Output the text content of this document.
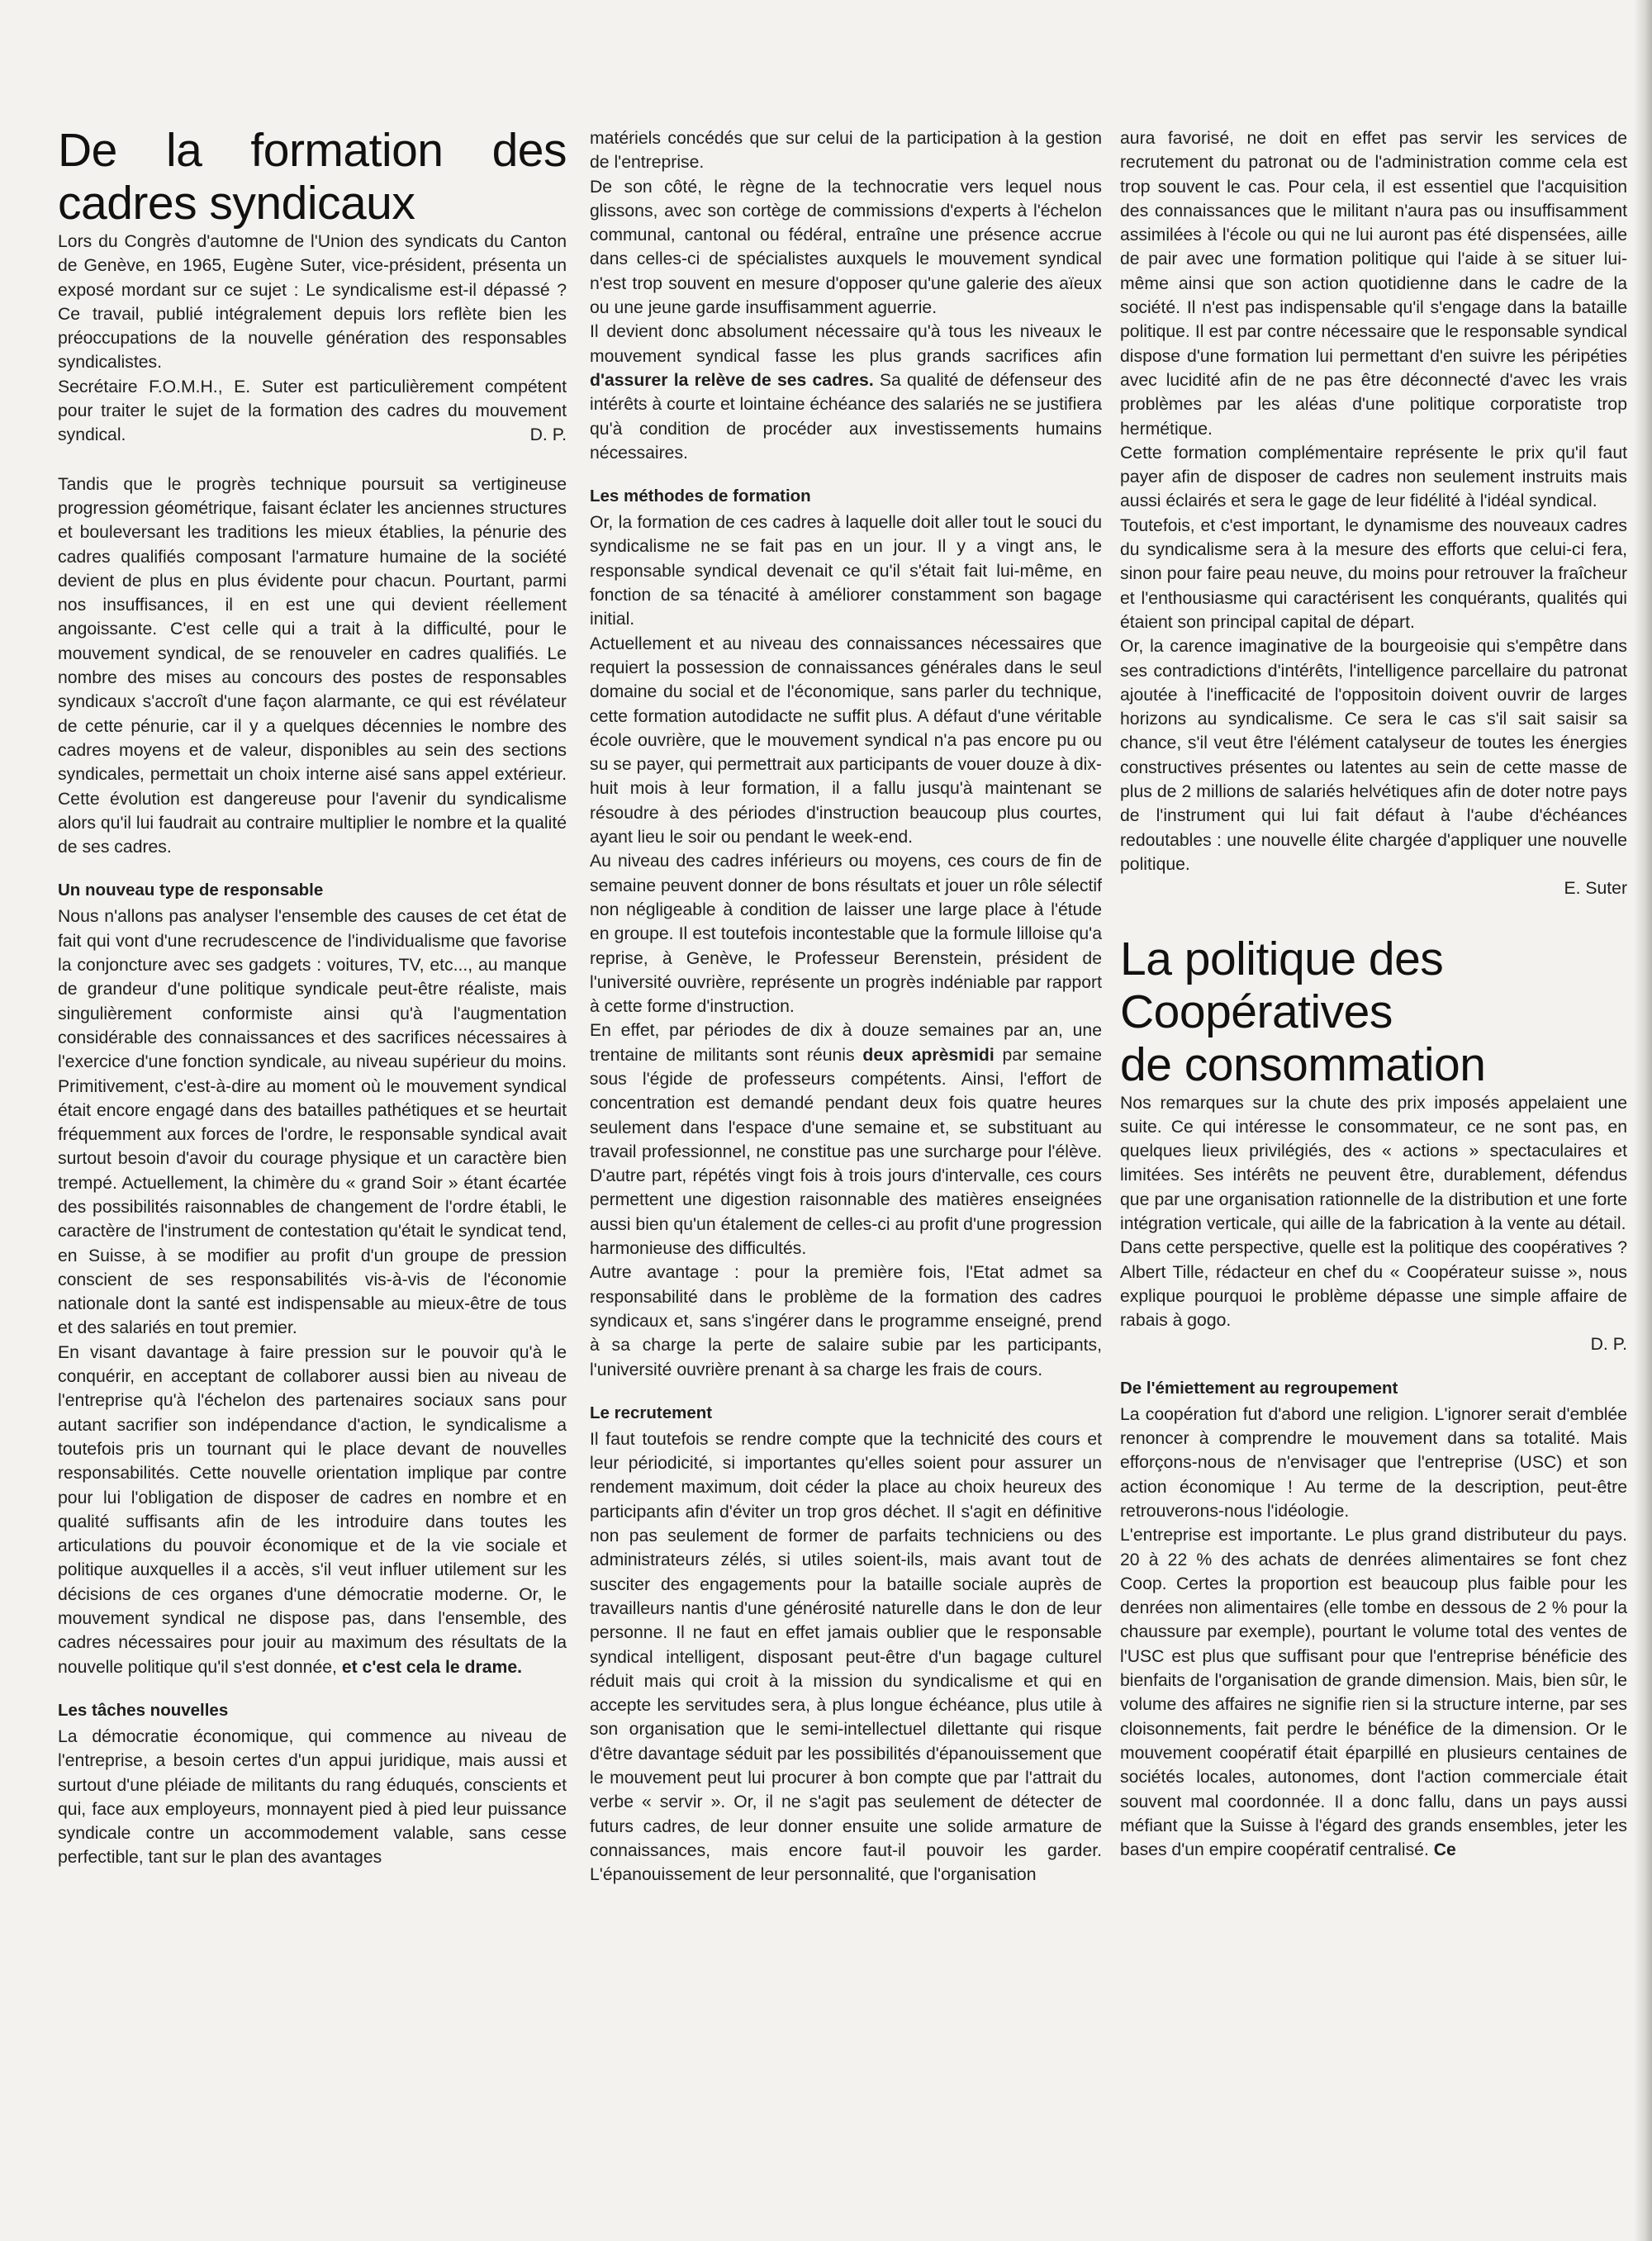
De la formation des cadres syndicaux

Lors du Congrès d'automne de l'Union des syndicats du Canton de Genève, en 1965, Eugène Suter, vice-président, présenta un exposé mordant sur ce sujet : Le syndicalisme est-il dépassé ? Ce travail, publié intégralement depuis lors reflète bien les préoccupations de la nouvelle génération des responsables syndicalistes.

Secrétaire F.O.M.H., E. Suter est particulièrement compétent pour traiter le sujet de la formation des cadres du mouvement syndical.	D. P.

Tandis que le progrès technique poursuit sa vertigineuse progression géométrique, faisant éclater les anciennes structures et bouleversant les traditions les mieux établies, la pénurie des cadres qualifiés composant l'armature humaine de la société devient de plus en plus évidente pour chacun. Pourtant, parmi nos insuffisances, il en est une qui devient réellement angoissante. C'est celle qui a trait à la difficulté, pour le mouvement syndical, de se renouveler en cadres qualifiés. Le nombre des mises au concours des postes de responsables syndicaux s'accroît d'une façon alarmante, ce qui est révélateur de cette pénurie, car il y a quelques décennies le nombre des cadres moyens et de valeur, disponibles au sein des sections syndicales, permettait un choix interne aisé sans appel extérieur. Cette évolution est dangereuse pour l'avenir du syndicalisme alors qu'il lui faudrait au contraire multiplier le nombre et la qualité de ses cadres.

Un nouveau type de responsable

Nous n'allons pas analyser l'ensemble des causes de cet état de fait qui vont d'une recrudescence de l'individualisme que favorise la conjoncture avec ses gadgets : voitures, TV, etc..., au manque de grandeur d'une politique syndicale peut-être réaliste, mais singulièrement conformiste ainsi qu'à l'augmentation considérable des connaissances et des sacrifices nécessaires à l'exercice d'une fonction syndicale, au niveau supérieur du moins. Primitivement, c'est-à-dire au moment où le mouvement syndical était encore engagé dans des batailles pathétiques et se heurtait fréquemment aux forces de l'ordre, le responsable syndical avait surtout besoin d'avoir du courage physique et un caractère bien trempé. Actuellement, la chimère du « grand Soir » étant écartée des possibilités raisonnables de changement de l'ordre établi, le caractère de l'instrument de contestation qu'était le syndicat tend, en Suisse, à se modifier au profit d'un groupe de pression conscient de ses responsabilités vis-à-vis de l'économie nationale dont la santé est indispensable au mieux-être de tous et des salariés en tout premier.

En visant davantage à faire pression sur le pouvoir qu'à le conquérir, en acceptant de collaborer aussi bien au niveau de l'entreprise qu'à l'échelon des partenaires sociaux sans pour autant sacrifier son indépendance d'action, le syndicalisme a toutefois pris un tournant qui le place devant de nouvelles responsabilités. Cette nouvelle orientation implique par contre pour lui l'obligation de disposer de cadres en nombre et en qualité suffisants afin de les introduire dans toutes les articulations du pouvoir économique et de la vie sociale et politique auxquelles il a accès, s'il veut influer utilement sur les décisions de ces organes d'une démocratie moderne. Or, le mouvement syndical ne dispose pas, dans l'ensemble, des cadres nécessaires pour jouir au maximum des résultats de la nouvelle politique qu'il s'est donnée, et c'est cela le drame.

Les tâches nouvelles

La démocratie économique, qui commence au niveau de l'entreprise, a besoin certes d'un appui juridique, mais aussi et surtout d'une pléiade de militants du rang éduqués, conscients et qui, face aux employeurs, monnayent pied à pied leur puissance syndicale contre un accommodement valable, sans cesse perfectible, tant sur le plan des avantages

matériels concédés que sur celui de la participation à la gestion de l'entreprise.

De son côté, le règne de la technocratie vers lequel nous glissons, avec son cortège de commissions d'experts à l'échelon communal, cantonal ou fédéral, entraîne une présence accrue dans celles-ci de spécialistes auxquels le mouvement syndical n'est trop souvent en mesure d'opposer qu'une galerie des aïeux ou une jeune garde insuffisamment aguerrie.

Il devient donc absolument nécessaire qu'à tous les niveaux le mouvement syndical fasse les plus grands sacrifices afin d'assurer la relève de ses cadres. Sa qualité de défenseur des intérêts à courte et lointaine échéance des salariés ne se justifiera qu'à condition de procéder aux investissements humains nécessaires.

Les méthodes de formation

Or, la formation de ces cadres à laquelle doit aller tout le souci du syndicalisme ne se fait pas en un jour. Il y a vingt ans, le responsable syndical devenait ce qu'il s'était fait lui-même, en fonction de sa ténacité à améliorer constamment son bagage initial.

Actuellement et au niveau des connaissances nécessaires que requiert la possession de connaissances générales dans le seul domaine du social et de l'économique, sans parler du technique, cette formation autodidacte ne suffit plus. A défaut d'une véritable école ouvrière, que le mouvement syndical n'a pas encore pu ou su se payer, qui permettrait aux participants de vouer douze à dix-huit mois à leur formation, il a fallu jusqu'à maintenant se résoudre à des périodes d'instruction beaucoup plus courtes, ayant lieu le soir ou pendant le week-end.

Au niveau des cadres inférieurs ou moyens, ces cours de fin de semaine peuvent donner de bons résultats et jouer un rôle sélectif non négligeable à condition de laisser une large place à l'étude en groupe. Il est toutefois incontestable que la formule lilloise qu'a reprise, à Genève, le Professeur Berenstein, président de l'université ouvrière, représente un progrès indéniable par rapport à cette forme d'instruction.

En effet, par périodes de dix à douze semaines par an, une trentaine de militants sont réunis deux aprèsmidi par semaine sous l'égide de professeurs compétents. Ainsi, l'effort de concentration est demandé pendant deux fois quatre heures seulement dans l'espace d'une semaine et, se substituant au travail professionnel, ne constitue pas une surcharge pour l'élève. D'autre part, répétés vingt fois à trois jours d'intervalle, ces cours permettent une digestion raisonnable des matières enseignées aussi bien qu'un étalement de celles-ci au profit d'une progression harmonieuse des difficultés.

Autre avantage : pour la première fois, l'Etat admet sa responsabilité dans le problème de la formation des cadres syndicaux et, sans s'ingérer dans le programme enseigné, prend à sa charge la perte de salaire subie par les participants, l'université ouvrière prenant à sa charge les frais de cours.

Le recrutement

Il faut toutefois se rendre compte que la technicité des cours et leur périodicité, si importantes qu'elles soient pour assurer un rendement maximum, doit céder la place au choix heureux des participants afin d'éviter un trop gros déchet. Il s'agit en définitive non pas seulement de former de parfaits techniciens ou des administrateurs zélés, si utiles soient-ils, mais avant tout de susciter des engagements pour la bataille sociale auprès de travailleurs nantis d'une générosité naturelle dans le don de leur personne. Il ne faut en effet jamais oublier que le responsable syndical intelligent, disposant peut-être d'un bagage culturel réduit mais qui croit à la mission du syndicalisme et qui en accepte les servitudes sera, à plus longue échéance, plus utile à son organisation que le semi-intellectuel dilettante qui risque d'être davantage séduit par les possibilités d'épanouissement que le mouvement peut lui procurer à bon compte que par l'attrait du verbe « servir ». Or, il ne s'agit pas seulement de détecter de futurs cadres, de leur donner ensuite une solide armature de connaissances, mais encore faut-il pouvoir les garder. L'épanouissement de leur personnalité, que l'organisation

aura favorisé, ne doit en effet pas servir les services de recrutement du patronat ou de l'administration comme cela est trop souvent le cas. Pour cela, il est essentiel que l'acquisition des connaissances que le militant n'aura pas ou insuffisamment assimilées à l'école ou qui ne lui auront pas été dispensées, aille de pair avec une formation politique qui l'aide à se situer lui-même ainsi que son action quotidienne dans le cadre de la société. Il n'est pas indispensable qu'il s'engage dans la bataille politique. Il est par contre nécessaire que le responsable syndical dispose d'une formation lui permettant d'en suivre les péripéties avec lucidité afin de ne pas être déconnecté d'avec les vrais problèmes par les aléas d'une politique corporatiste trop hermétique.

Cette formation complémentaire représente le prix qu'il faut payer afin de disposer de cadres non seulement instruits mais aussi éclairés et sera le gage de leur fidélité à l'idéal syndical.

Toutefois, et c'est important, le dynamisme des nouveaux cadres du syndicalisme sera à la mesure des efforts que celui-ci fera, sinon pour faire peau neuve, du moins pour retrouver la fraîcheur et l'enthousiasme qui caractérisent les conquérants, qualités qui étaient son principal capital de départ.

Or, la carence imaginative de la bourgeoisie qui s'empêtre dans ses contradictions d'intérêts, l'intelligence parcellaire du patronat ajoutée à l'inefficacité de l'oppositoin doivent ouvrir de larges horizons au syndicalisme. Ce sera le cas s'il sait saisir sa chance, s'il veut être l'élément catalyseur de toutes les énergies constructives présentes ou latentes au sein de cette masse de plus de 2 millions de salariés helvétiques afin de doter notre pays de l'instrument qui lui fait défaut à l'aube d'échéances redoutables : une nouvelle élite chargée d'appliquer une nouvelle politique.

E. Suter

La politique des
Coopératives
de consommation

Nos remarques sur la chute des prix imposés appelaient une suite. Ce qui intéresse le consommateur, ce ne sont pas, en quelques lieux privilégiés, des « actions » spectaculaires et limitées. Ses intérêts ne peuvent être, durablement, défendus que par une organisation rationnelle de la distribution et une forte intégration verticale, qui aille de la fabrication à la vente au détail.

Dans cette perspective, quelle est la politique des coopératives ? Albert Tille, rédacteur en chef du « Coopérateur suisse », nous explique pourquoi le problème dépasse une simple affaire de rabais à gogo.

D. P.

De l'émiettement au regroupement

La coopération fut d'abord une religion. L'ignorer serait d'emblée renoncer à comprendre le mouvement dans sa totalité. Mais efforçons-nous de n'envisager que l'entreprise (USC) et son action économique ! Au terme de la description, peut-être retrouverons-nous l'idéologie.

L'entreprise est importante. Le plus grand distributeur du pays. 20 à 22 % des achats de denrées alimentaires se font chez Coop. Certes la proportion est beaucoup plus faible pour les denrées non alimentaires (elle tombe en dessous de 2 % pour la chaussure par exemple), pourtant le volume total des ventes de l'USC est plus que suffisant pour que l'entreprise bénéficie des bienfaits de l'organisation de grande dimension. Mais, bien sûr, le volume des affaires ne signifie rien si la structure interne, par ses cloisonnements, fait perdre le bénéfice de la dimension. Or le mouvement coopératif était éparpillé en plusieurs centaines de sociétés locales, autonomes, dont l'action commerciale était souvent mal coordonnée. Il a donc fallu, dans un pays aussi méfiant que la Suisse à l'égard des grands ensembles, jeter les bases d'un empire coopératif centralisé. Ce
